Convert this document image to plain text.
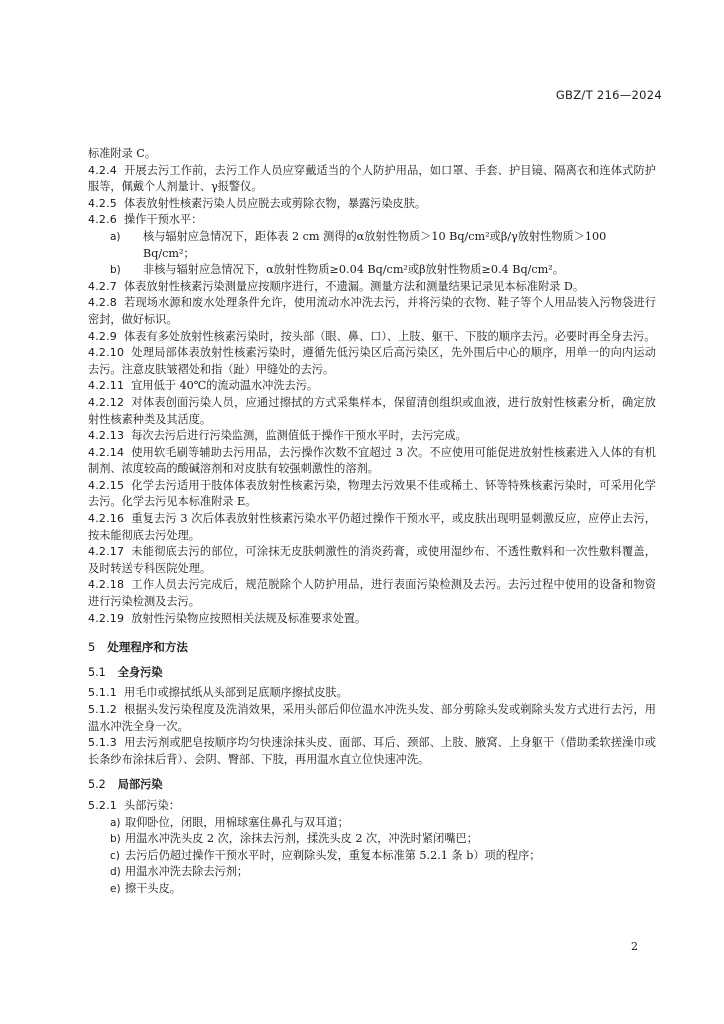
GBZ/T 216—2024

标准附录 C。

4.2.4 开展去污工作前，去污工作人员应穿戴适当的个人防护用品，如口罩、手套、护目镜、隔离衣和连体式防护服等，佩戴个人剂量计、γ报警仪。

4.2.5 体表放射性核素污染人员应脱去或剪除衣物，暴露污染皮肤。

4.2.6 操作干预水平：

a) 核与辐射应急情况下，距体表 2 cm 测得的α放射性物质＞10 Bq/cm²或β/γ放射性物质＞100 Bq/cm²；

b) 非核与辐射应急情况下，α放射性物质≥0.04 Bq/cm²或β放射性物质≥0.4 Bq/cm²。

4.2.7 体表放射性核素污染测量应按顺序进行，不遗漏。测量方法和测量结果记录见本标准附录 D。

4.2.8 若现场水源和废水处理条件允许，使用流动水冲洗去污，并将污染的衣物、鞋子等个人用品装入污物袋进行密封，做好标识。

4.2.9 体表有多处放射性核素污染时，按头部（眼、鼻、口）、上肢、躯干、下肢的顺序去污。必要时再全身去污。

4.2.10 处理局部体表放射性核素污染时，遵循先低污染区后高污染区，先外围后中心的顺序，用单一的向内运动去污。注意皮肤皱褶处和指（趾）甲缝处的去污。

4.2.11 宜用低于 40℃的流动温水冲洗去污。

4.2.12 对体表创面污染人员，应通过擦拭的方式采集样本，保留清创组织或血液，进行放射性核素分析，确定放射性核素种类及其活度。

4.2.13 每次去污后进行污染监测，监测值低于操作干预水平时，去污完成。

4.2.14 使用软毛刷等辅助去污用品，去污操作次数不宜超过 3 次。不应使用可能促进放射性核素进入人体的有机制剂、浓度较高的酸碱溶剂和对皮肤有较强刺激性的溶剂。

4.2.15 化学去污适用于肢体体表放射性核素污染，物理去污效果不佳或稀土、钚等特殊核素污染时，可采用化学去污。化学去污见本标准附录 E。

4.2.16 重复去污 3 次后体表放射性核素污染水平仍超过操作干预水平，或皮肤出现明显刺激反应，应停止去污，按未能彻底去污处理。

4.2.17 未能彻底去污的部位，可涂抹无皮肤刺激性的消炎药膏，或使用湿纱布、不透性敷料和一次性敷料覆盖，及时转送专科医院处理。

4.2.18 工作人员去污完成后，规范脱除个人防护用品，进行表面污染检测及去污。去污过程中使用的设备和物资进行污染检测及去污。

4.2.19 放射性污染物应按照相关法规及标准要求处置。

5 处理程序和方法
5.1 全身污染

5.1.1 用毛巾或擦拭纸从头部到足底顺序擦拭皮肤。

5.1.2 根据头发污染程度及洗消效果，采用头部后仰位温水冲洗头发、部分剪除头发或剃除头发方式进行去污，用温水冲洗全身一次。

5.1.3 用去污剂或肥皂按顺序均匀快速涂抹头皮、面部、耳后、颈部、上肢、腋窝、上身躯干（借助柔软搓澡巾或长条纱布涂抹后背）、会阴、臀部、下肢，再用温水直立位快速冲洗。

5.2 局部污染

5.2.1 头部污染：

a) 取仰卧位，闭眼，用棉球塞住鼻孔与双耳道；

b) 用温水冲洗头皮 2 次，涂抹去污剂，揉洗头皮 2 次，冲洗时紧闭嘴巴；

c) 去污后仍超过操作干预水平时，应剃除头发，重复本标准第 5.2.1 条 b）项的程序；

d) 用温水冲洗去除去污剂；

e) 擦干头皮。

2
